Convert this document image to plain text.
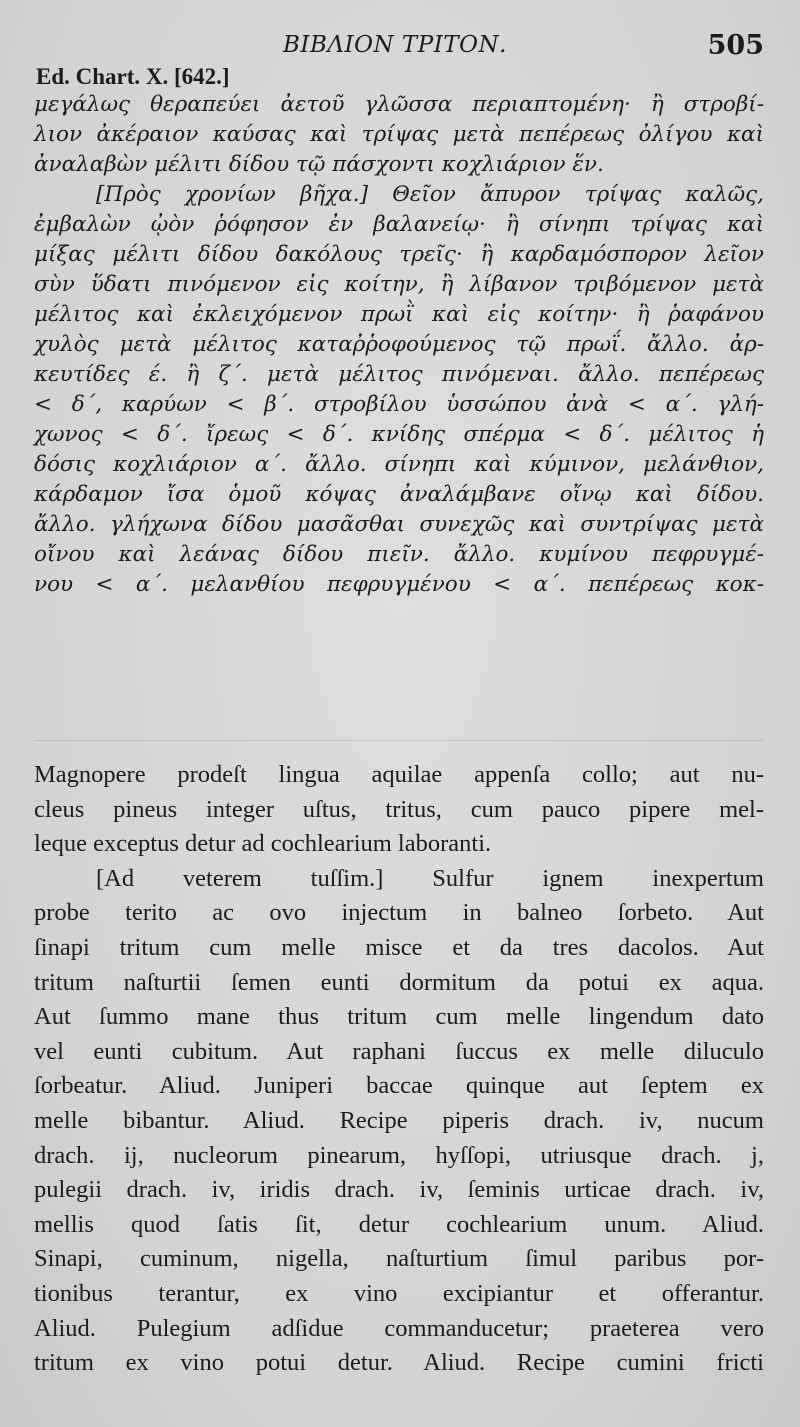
BIBΛΙΟΝ ΤΡΙΤΟΝ.	505
Ed. Chart. X. [642.]
μεγάλως θεραπεύει ἀετοῦ γλῶσσα περιαπτομένη· ἢ στροβί-
λιον ἀκέραιον καύσας καὶ τρίψας μετὰ πεπέρεως ὀλίγου καὶ
ἀναλαβὼν μέλιτι δίδου τῷ πάσχοντι κοχλιάριον ἕν.
[Πρὸς χρονίων βῆχα.] Θεῖον ἄπυρον τρίψας καλῶς,
ἐμβαλὼν ᾠὸν ῥόφησον ἐν βαλανείῳ· ἢ σίνηπι τρίψας καὶ
μίξας μέλιτι δίδου δακόλους τρεῖς· ἢ καρδαμόσπορον λεῖον
σὺν ὕδατι πινόμενον εἰς κοίτην, ἢ λίβανον τριβόμενον μετὰ
μέλιτος καὶ ἐκλειχόμενον πρωῒ καὶ εἰς κοίτην· ἢ ῥαφάνου
χυλὸς μετὰ μέλιτος καταῤῥοφούμενος τῷ πρωΐ. ἄλλο. ἀρ-
κευτίδες έ. ἢ ζ΄. μετὰ μέλιτος πινόμεναι. ἄλλο. πεπέρεως
< δ΄, καρύων < β΄. στροβίλου ὑσσώπου ἀνὰ < α΄. γλή-
χωνος < δ΄. ἴρεως < δ΄. κνίδης σπέρμα < δ΄. μέλιτος ἡ
δόσις κοχλιάριον α΄. ἄλλο. σίνηπι καὶ κύμινον, μελάνθιον,
κάρδαμον ἴσα ὁμοῦ κόψας ἀναλάμβανε οἴνῳ καὶ δίδου.
ἄλλο. γλήχωνα δίδου μασᾶσθαι συνεχῶς καὶ συντρίψας μετὰ
οἴνου καὶ λεάνας δίδου πιεῖν. ἄλλο. κυμίνου πεφρυγμέ-
νου < α΄. μελανθίου πεφρυγμένου < α΄. πεπέρεως κοκ-
Magnopere prodeſt lingua aquilae appenſa collo; aut nu-
cleus pineus integer uſtus, tritus, cum pauco pipere mel-
leque exceptus detur ad cochlearium laboranti.
[Ad veterem tuſſim.] Sulfur ignem inexpertum
probe terito ac ovo injectum in balneo ſorbeto. Aut
ſinapi tritum cum melle misce et da tres dacolos. Aut
tritum naſturtii ſemen eunti dormitum da potui ex aqua.
Aut ſummo mane thus tritum cum melle lingendum dato
vel eunti cubitum. Aut raphani ſuccus ex melle diluculo
ſorbeatur. Aliud. Juniperi baccae quinque aut ſeptem ex
melle bibantur. Aliud. Recipe piperis drach. iv, nucum
drach. ij, nucleorum pinearum, hyſſopi, utriusque drach. j,
pulegii drach. iv, iridis drach. iv, ſeminis urticae drach. iv,
mellis quod ſatis ſit, detur cochlearium unum. Aliud.
Sinapi, cuminum, nigella, naſturtium ſimul paribus por-
tionibus terantur, ex vino excipiantur et offerantur.
Aliud. Pulegium adſidue commanducetur; praeterea vero
tritum ex vino potui detur. Aliud. Recipe cumini fricti
